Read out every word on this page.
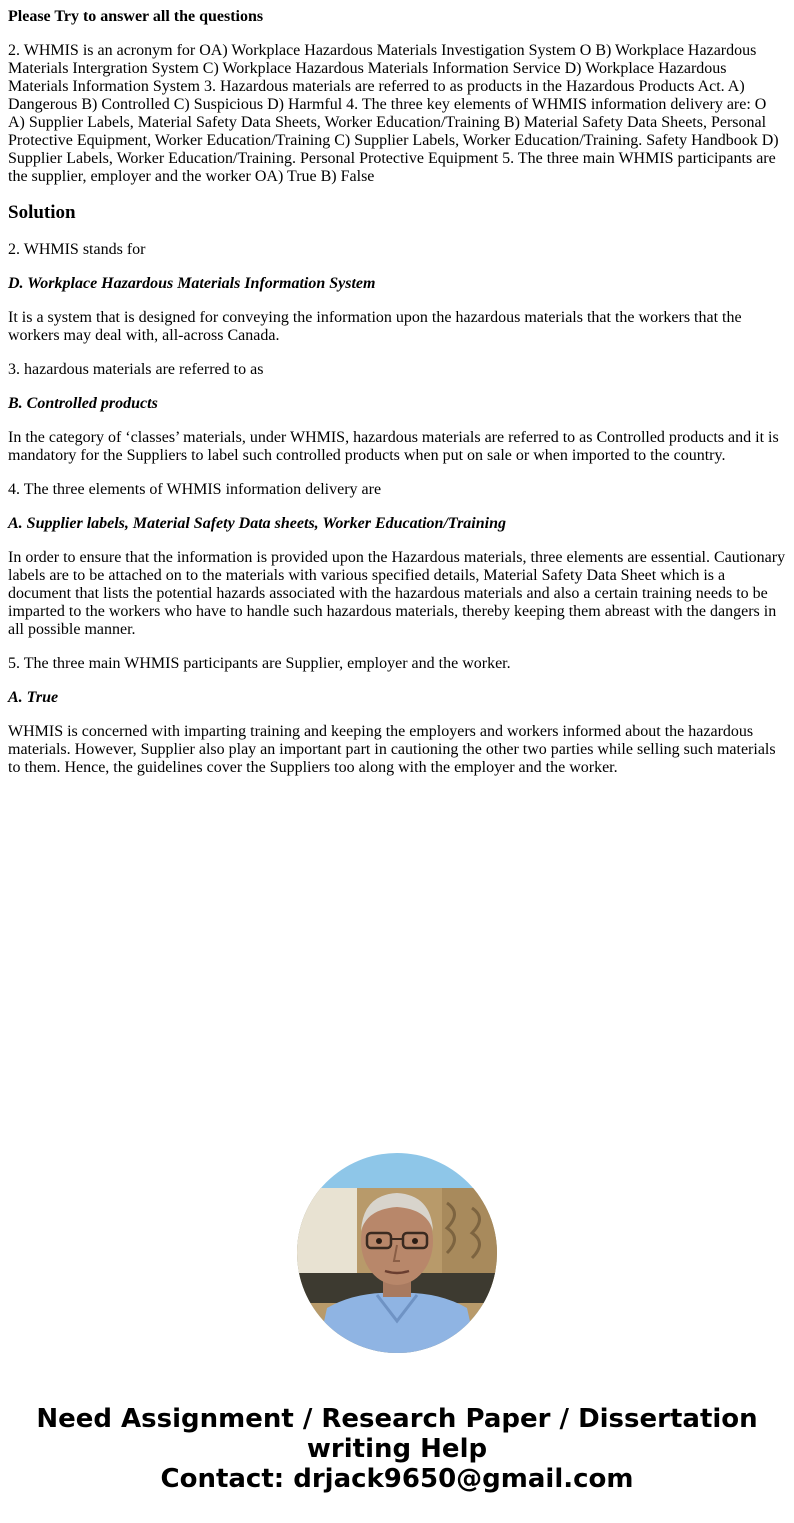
Please Try to answer all the questions

2. WHMIS is an acronym for OA) Workplace Hazardous Materials Investigation System O B) Workplace Hazardous Materials Intergration System C) Workplace Hazardous Materials Information Service D) Workplace Hazardous Materials Information System 3. Hazardous materials are referred to as products in the Hazardous Products Act. A) Dangerous B) Controlled C) Suspicious D) Harmful 4. The three key elements of WHMIS information delivery are: O A) Supplier Labels, Material Safety Data Sheets, Worker Education/Training B) Material Safety Data Sheets, Personal Protective Equipment, Worker Education/Training C) Supplier Labels, Worker Education/Training. Safety Handbook D) Supplier Labels, Worker Education/Training. Personal Protective Equipment 5. The three main WHMIS participants are the supplier, employer and the worker OA) True B) False

Solution

2. WHMIS stands for

D. Workplace Hazardous Materials Information System

It is a system that is designed for conveying the information upon the hazardous materials that the workers that the workers may deal with, all-across Canada.

3. hazardous materials are referred to as

B. Controlled products

In the category of ‘classes’ materials, under WHMIS, hazardous materials are referred to as Controlled products and it is mandatory for the Suppliers to label such controlled products when put on sale or when imported to the country.

4. The three elements of WHMIS information delivery are

A. Supplier labels, Material Safety Data sheets, Worker Education/Training

In order to ensure that the information is provided upon the Hazardous materials, three elements are essential. Cautionary labels are to be attached on to the materials with various specified details, Material Safety Data Sheet which is a document that lists the potential hazards associated with the hazardous materials and also a certain training needs to be imparted to the workers who have to handle such hazardous materials, thereby keeping them abreast with the dangers in all possible manner.

5. The three main WHMIS participants are Supplier, employer and the worker.

A. True

WHMIS is concerned with imparting training and keeping the employers and workers informed about the hazardous materials. However, Supplier also play an important part in cautioning the other two parties while selling such materials to them. Hence, the guidelines cover the Suppliers too along with the employer and the worker.

Need Assignment / Research Paper / Dissertation
writing Help
Contact: drjack9650@gmail.com
